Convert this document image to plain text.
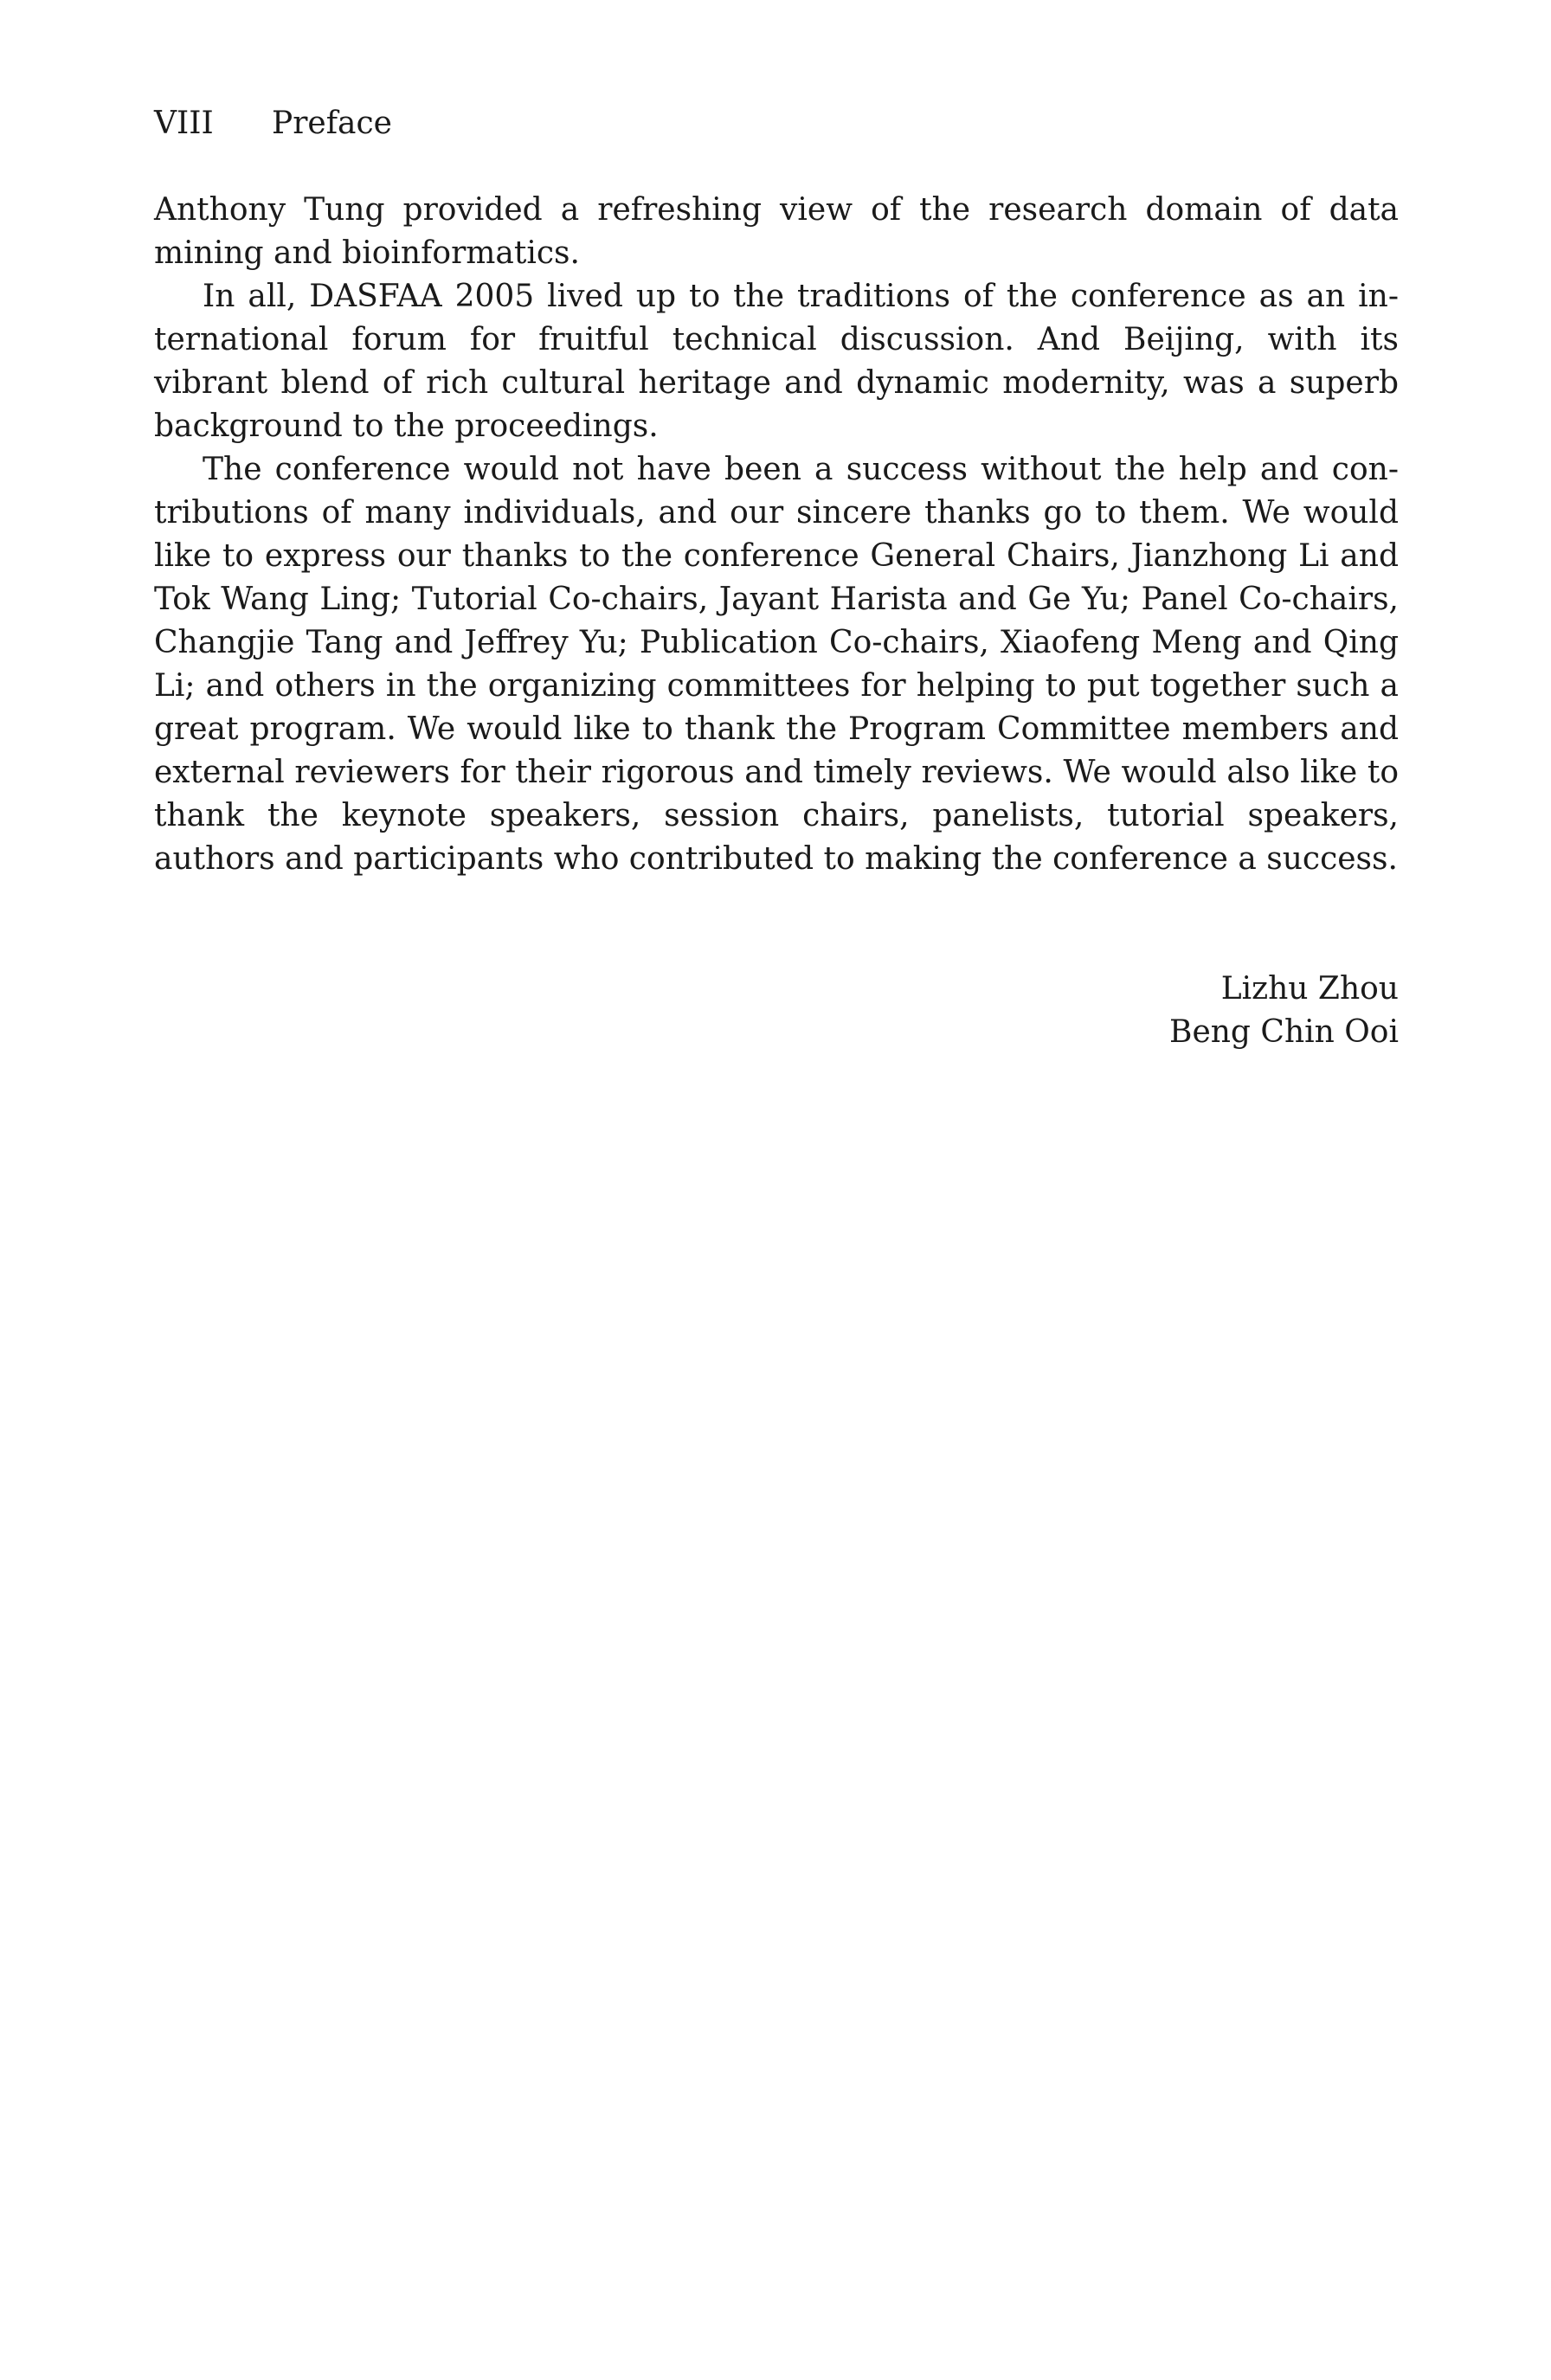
VIII Preface

Anthony Tung provided a refreshing view of the research domain of data mining and bioinformatics.

In all, DASFAA 2005 lived up to the traditions of the conference as an international forum for fruitful technical discussion. And Beijing, with its vibrant blend of rich cultural heritage and dynamic modernity, was a superb background to the proceedings.

The conference would not have been a success without the help and contributions of many individuals, and our sincere thanks go to them. We would like to express our thanks to the conference General Chairs, Jianzhong Li and Tok Wang Ling; Tutorial Co-chairs, Jayant Harista and Ge Yu; Panel Co-chairs, Changjie Tang and Jeffrey Yu; Publication Co-chairs, Xiaofeng Meng and Qing Li; and others in the organizing committees for helping to put together such a great program. We would like to thank the Program Committee members and external reviewers for their rigorous and timely reviews. We would also like to thank the keynote speakers, session chairs, panelists, tutorial speakers, authors and participants who contributed to making the conference a success.

Lizhu Zhou
Beng Chin Ooi
